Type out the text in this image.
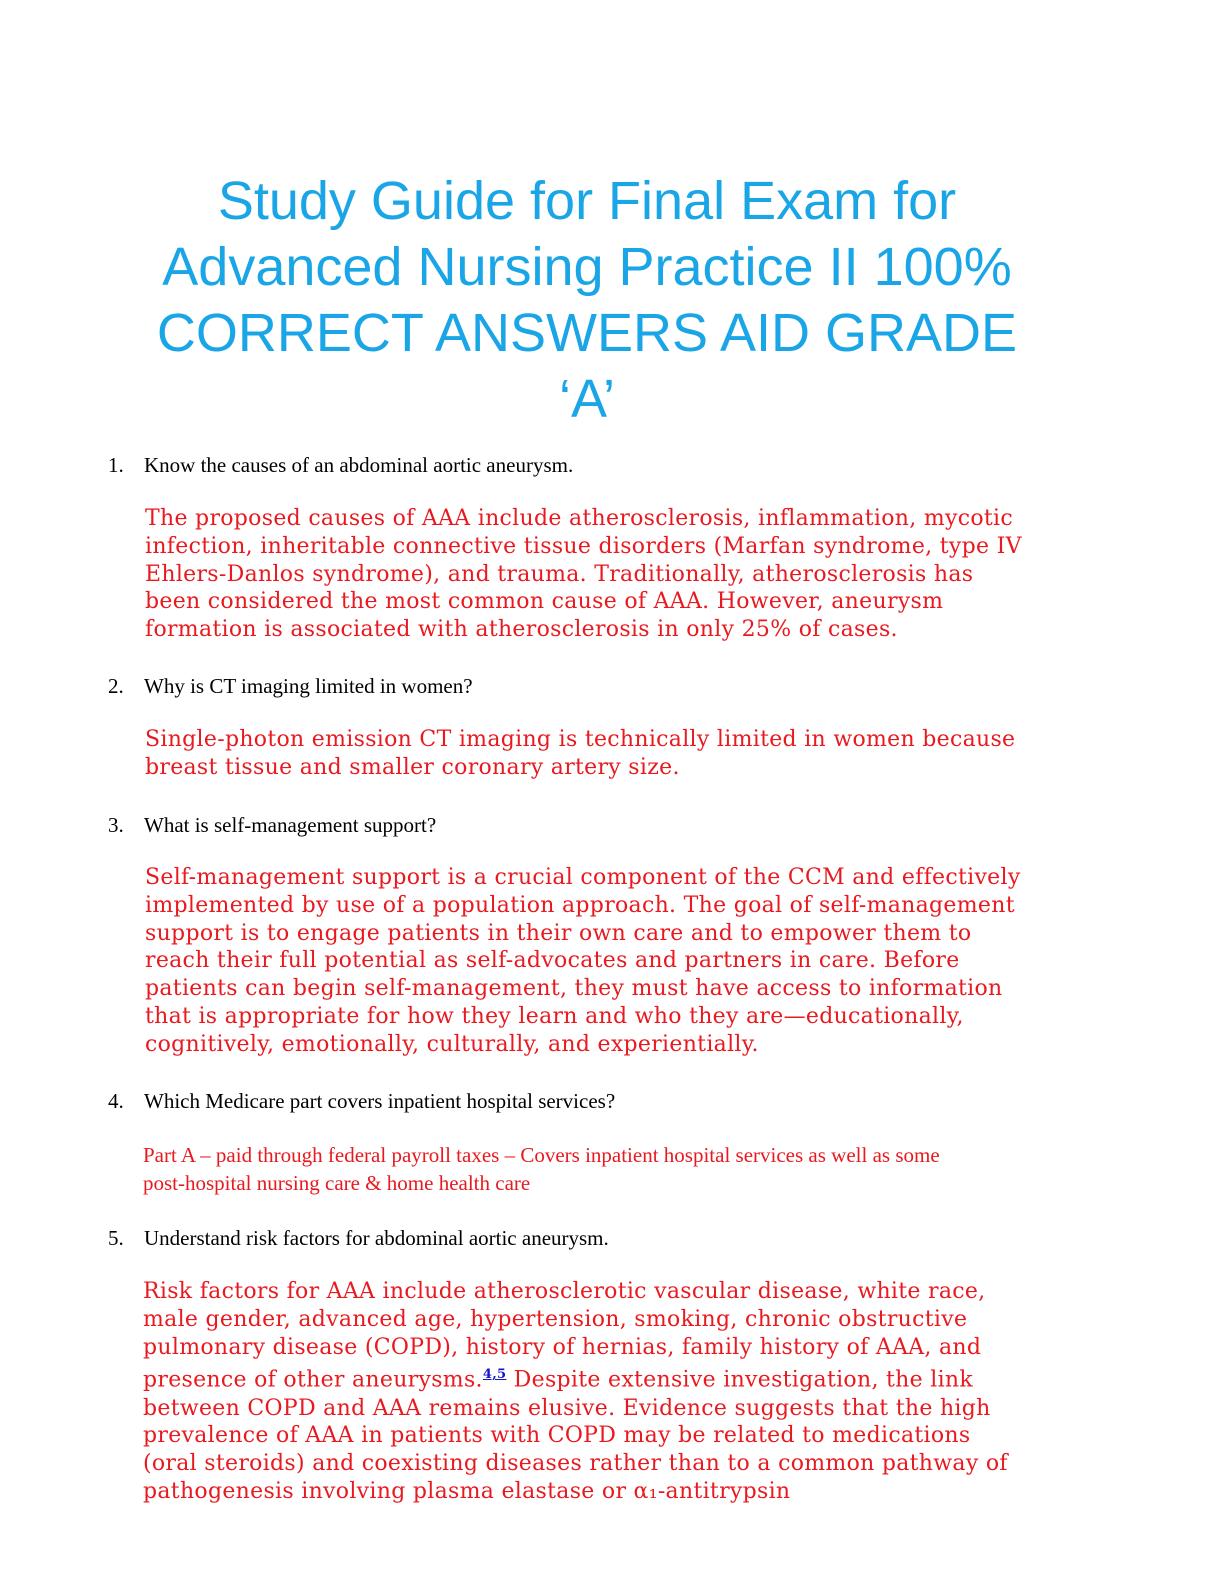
Study Guide for Final Exam for
Advanced Nursing Practice II 100%
CORRECT ANSWERS AID GRADE
‘A’

1. Know the causes of an abdominal aortic aneurysm.

The proposed causes of AAA include atherosclerosis, inflammation, mycotic
infection, inheritable connective tissue disorders (Marfan syndrome, type IV
Ehlers-Danlos syndrome), and trauma. Traditionally, atherosclerosis has
been considered the most common cause of AAA. However, aneurysm
formation is associated with atherosclerosis in only 25% of cases.

2. Why is CT imaging limited in women?

Single-photon emission CT imaging is technically limited in women because
breast tissue and smaller coronary artery size.

3. What is self-management support?

Self-management support is a crucial component of the CCM and effectively
implemented by use of a population approach. The goal of self-management
support is to engage patients in their own care and to empower them to
reach their full potential as self-advocates and partners in care. Before
patients can begin self-management, they must have access to information
that is appropriate for how they learn and who they are—educationally,
cognitively, emotionally, culturally, and experientially.

4. Which Medicare part covers inpatient hospital services?

Part A – paid through federal payroll taxes – Covers inpatient hospital services as well as some
post-hospital nursing care & home health care

5. Understand risk factors for abdominal aortic aneurysm.

Risk factors for AAA include atherosclerotic vascular disease, white race,
male gender, advanced age, hypertension, smoking, chronic obstructive
pulmonary disease (COPD), history of hernias, family history of AAA, and
presence of other aneurysms.$^{4,5}$ Despite extensive investigation, the link
between COPD and AAA remains elusive. Evidence suggests that the high
prevalence of AAA in patients with COPD may be related to medications
(oral steroids) and coexisting diseases rather than to a common pathway of
pathogenesis involving plasma elastase or α₁-antitrypsin
